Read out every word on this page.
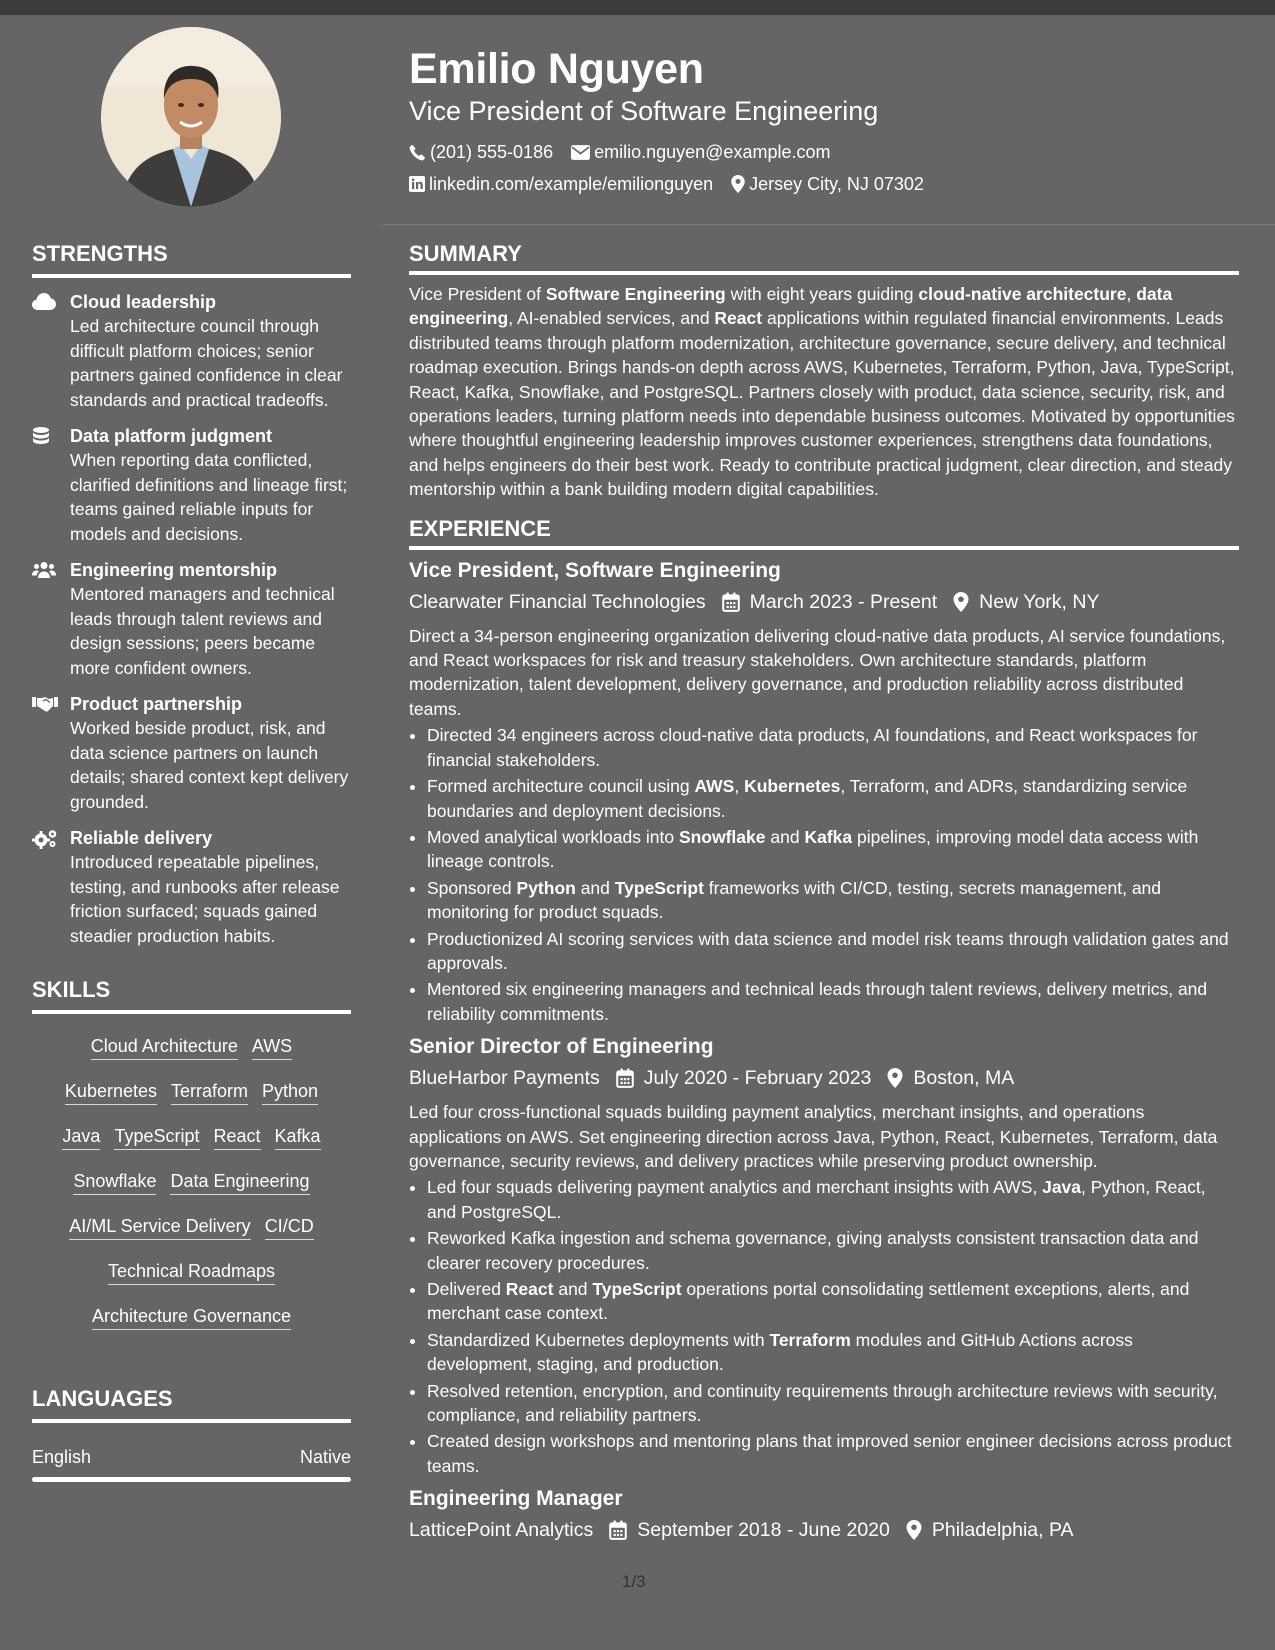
Emilio Nguyen
Vice President of Software Engineering
(201) 555-0186 emilio.nguyen@example.com
linkedin.com/example/emilionguyen Jersey City, NJ 07302
STRENGTHS
Cloud leadership
Led architecture council through difficult platform choices; senior partners gained confidence in clear standards and practical tradeoffs.
Data platform judgment
When reporting data conflicted, clarified definitions and lineage first; teams gained reliable inputs for models and decisions.
Engineering mentorship
Mentored managers and technical leads through talent reviews and design sessions; peers became more confident owners.
Product partnership
Worked beside product, risk, and data science partners on launch details; shared context kept delivery grounded.
Reliable delivery
Introduced repeatable pipelines, testing, and runbooks after release friction surfaced; squads gained steadier production habits.
SKILLS
Cloud Architecture AWS
Kubernetes Terraform Python
Java TypeScript React Kafka
Snowflake Data Engineering
AI/ML Service Delivery CI/CD
Technical Roadmaps
Architecture Governance
LANGUAGES
English	Native
SUMMARY
Vice President of Software Engineering with eight years guiding cloud-native architecture, data engineering, AI-enabled services, and React applications within regulated financial environments. Leads distributed teams through platform modernization, architecture governance, secure delivery, and technical roadmap execution. Brings hands-on depth across AWS, Kubernetes, Terraform, Python, Java, TypeScript, React, Kafka, Snowflake, and PostgreSQL. Partners closely with product, data science, security, risk, and operations leaders, turning platform needs into dependable business outcomes. Motivated by opportunities where thoughtful engineering leadership improves customer experiences, strengthens data foundations, and helps engineers do their best work. Ready to contribute practical judgment, clear direction, and steady mentorship within a bank building modern digital capabilities.
EXPERIENCE
Vice President, Software Engineering
Clearwater Financial Technologies March 2023 - Present New York, NY
Direct a 34-person engineering organization delivering cloud-native data products, AI service foundations, and React workspaces for risk and treasury stakeholders. Own architecture standards, platform modernization, talent development, delivery governance, and production reliability across distributed teams.
• Directed 34 engineers across cloud-native data products, AI foundations, and React workspaces for financial stakeholders.
• Formed architecture council using AWS, Kubernetes, Terraform, and ADRs, standardizing service boundaries and deployment decisions.
• Moved analytical workloads into Snowflake and Kafka pipelines, improving model data access with lineage controls.
• Sponsored Python and TypeScript frameworks with CI/CD, testing, secrets management, and monitoring for product squads.
• Productionized AI scoring services with data science and model risk teams through validation gates and approvals.
• Mentored six engineering managers and technical leads through talent reviews, delivery metrics, and reliability commitments.
Senior Director of Engineering
BlueHarbor Payments July 2020 - February 2023 Boston, MA
Led four cross-functional squads building payment analytics, merchant insights, and operations applications on AWS. Set engineering direction across Java, Python, React, Kubernetes, Terraform, data governance, security reviews, and delivery practices while preserving product ownership.
• Led four squads delivering payment analytics and merchant insights with AWS, Java, Python, React, and PostgreSQL.
• Reworked Kafka ingestion and schema governance, giving analysts consistent transaction data and clearer recovery procedures.
• Delivered React and TypeScript operations portal consolidating settlement exceptions, alerts, and merchant case context.
• Standardized Kubernetes deployments with Terraform modules and GitHub Actions across development, staging, and production.
• Resolved retention, encryption, and continuity requirements through architecture reviews with security, compliance, and reliability partners.
• Created design workshops and mentoring plans that improved senior engineer decisions across product teams.
Engineering Manager
LatticePoint Analytics September 2018 - June 2020 Philadelphia, PA
1/3
